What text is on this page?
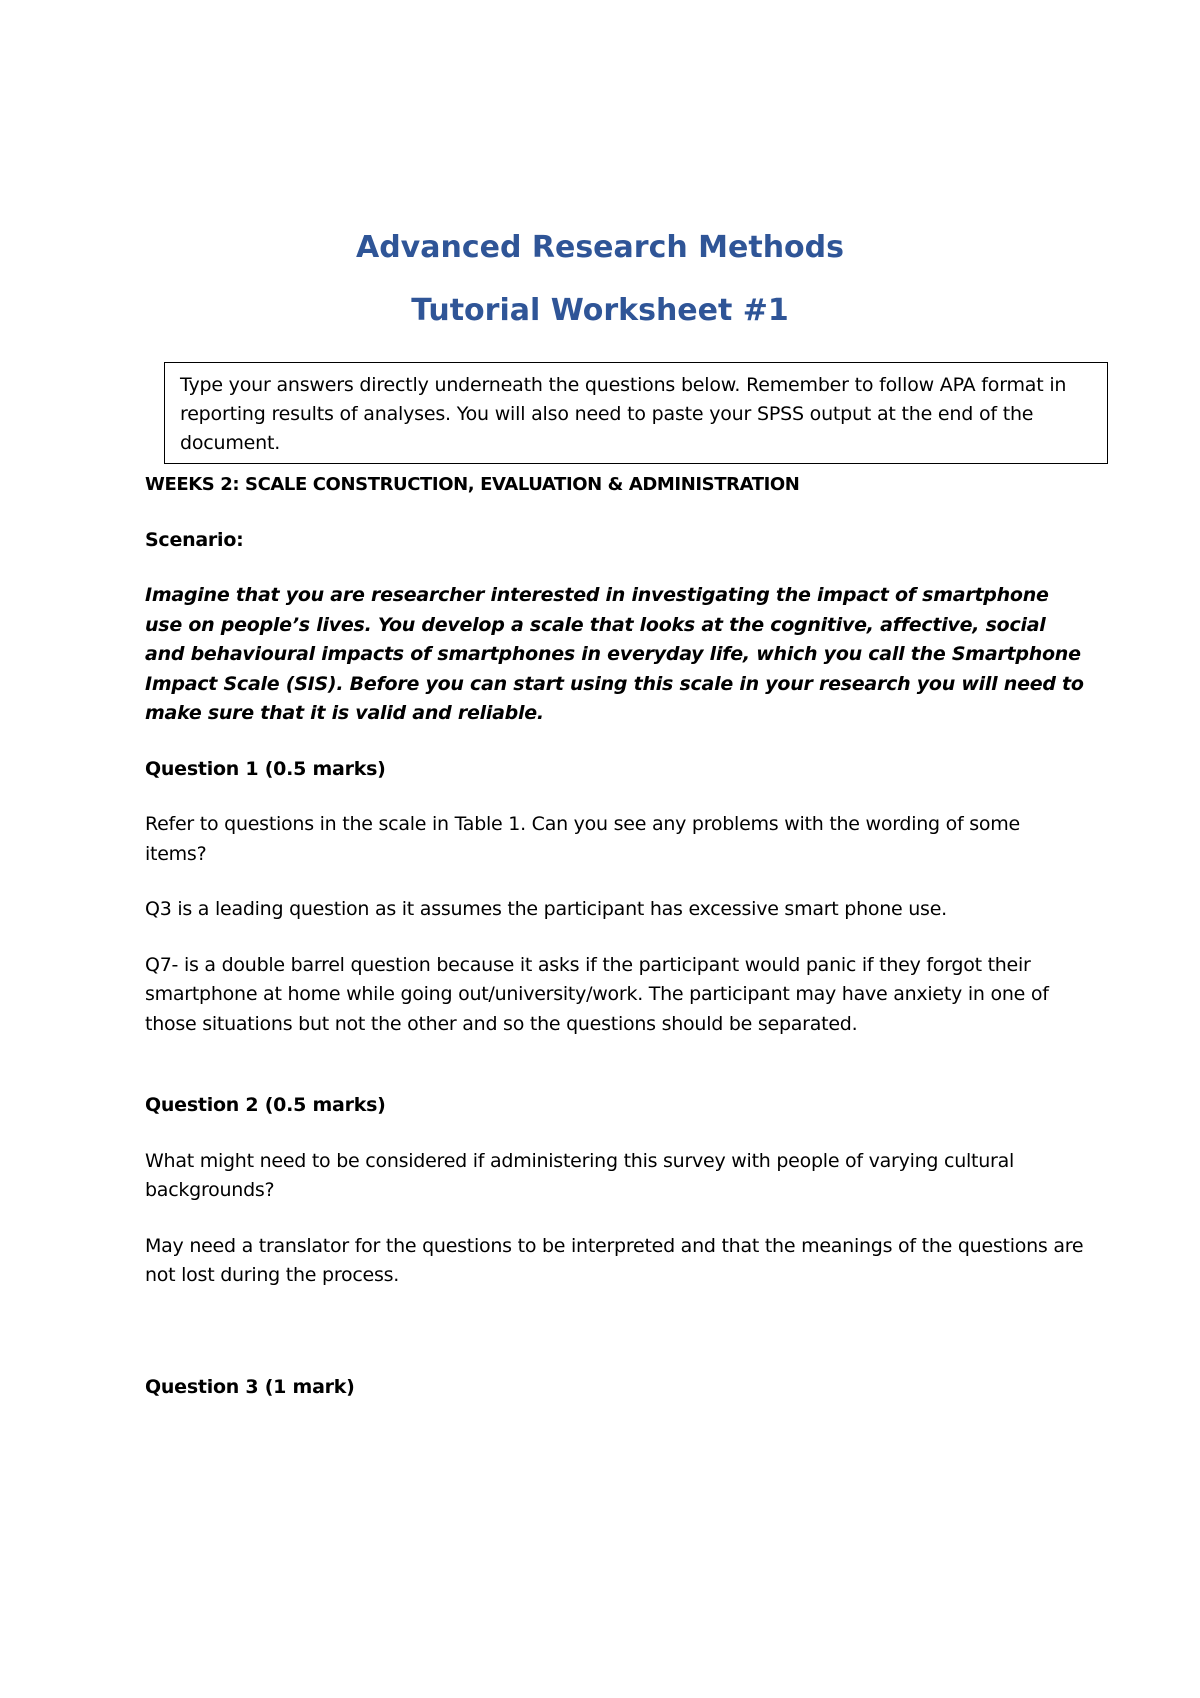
Advanced Research Methods
Tutorial Worksheet #1
Type your answers directly underneath the questions below. Remember to follow APA format in reporting results of analyses. You will also need to paste your SPSS output at the end of the document.

WEEKS 2: SCALE CONSTRUCTION, EVALUATION & ADMINISTRATION

Scenario:

Imagine that you are researcher interested in investigating the impact of smartphone use on people’s lives. You develop a scale that looks at the cognitive, affective, social and behavioural impacts of smartphones in everyday life, which you call the Smartphone Impact Scale (SIS). Before you can start using this scale in your research you will need to make sure that it is valid and reliable.

Question 1 (0.5 marks)

Refer to questions in the scale in Table 1. Can you see any problems with the wording of some items?

Q3 is a leading question as it assumes the participant has excessive smart phone use.

Q7- is a double barrel question because it asks if the participant would panic if they forgot their smartphone at home while going out/university/work. The participant may have anxiety in one of those situations but not the other and so the questions should be separated.

Question 2 (0.5 marks)

What might need to be considered if administering this survey with people of varying cultural backgrounds?

May need a translator for the questions to be interpreted and that the meanings of the questions are not lost during the process.

Question 3 (1 mark)
